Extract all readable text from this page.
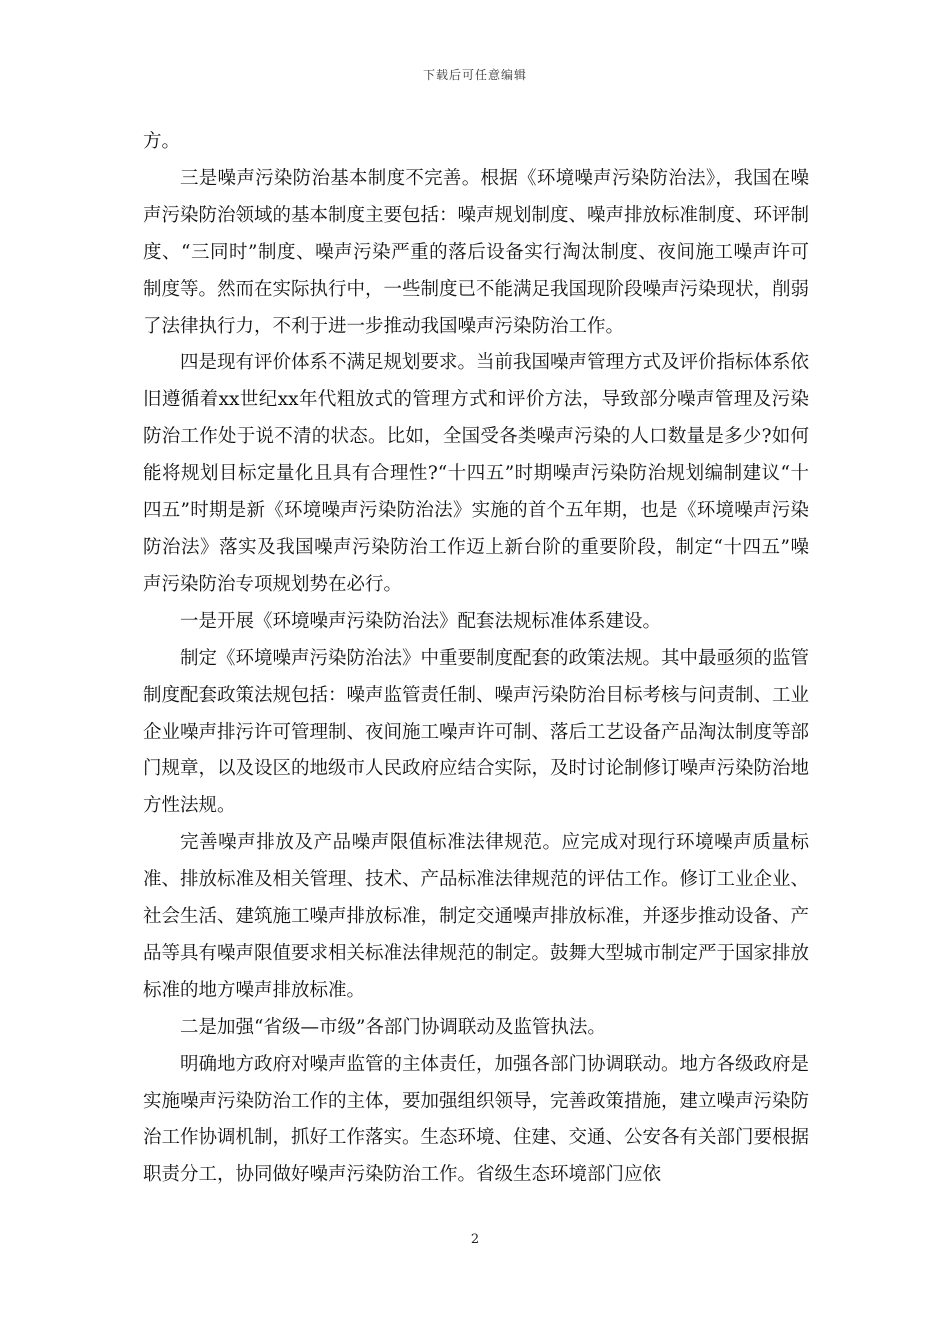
下载后可任意编辑

方。

三是噪声污染防治基本制度不完善。根据《环境噪声污染防治法》，我国在噪声污染防治领域的基本制度主要包括：噪声规划制度、噪声排放标准制度、环评制度、“三同时”制度、噪声污染严重的落后设备实行淘汰制度、夜间施工噪声许可制度等。然而在实际执行中，一些制度已不能满足我国现阶段噪声污染现状，削弱了法律执行力，不利于进一步推动我国噪声污染防治工作。

四是现有评价体系不满足规划要求。当前我国噪声管理方式及评价指标体系依旧遵循着xx世纪xx年代粗放式的管理方式和评价方法，导致部分噪声管理及污染防治工作处于说不清的状态。比如，全国受各类噪声污染的人口数量是多少?如何能将规划目标定量化且具有合理性?“十四五”时期噪声污染防治规划编制建议“十四五”时期是新《环境噪声污染防治法》实施的首个五年期，也是《环境噪声污染防治法》落实及我国噪声污染防治工作迈上新台阶的重要阶段，制定“十四五”噪声污染防治专项规划势在必行。

一是开展《环境噪声污染防治法》配套法规标准体系建设。

制定《环境噪声污染防治法》中重要制度配套的政策法规。其中最亟须的监管制度配套政策法规包括：噪声监管责任制、噪声污染防治目标考核与问责制、工业企业噪声排污许可管理制、夜间施工噪声许可制、落后工艺设备产品淘汰制度等部门规章，以及设区的地级市人民政府应结合实际，及时讨论制修订噪声污染防治地方性法规。

完善噪声排放及产品噪声限值标准法律规范。应完成对现行环境噪声质量标准、排放标准及相关管理、技术、产品标准法律规范的评估工作。修订工业企业、社会生活、建筑施工噪声排放标准，制定交通噪声排放标准，并逐步推动设备、产品等具有噪声限值要求相关标准法律规范的制定。鼓舞大型城市制定严于国家排放标准的地方噪声排放标准。

二是加强“省级—市级”各部门协调联动及监管执法。

明确地方政府对噪声监管的主体责任，加强各部门协调联动。地方各级政府是实施噪声污染防治工作的主体，要加强组织领导，完善政策措施，建立噪声污染防治工作协调机制，抓好工作落实。生态环境、住建、交通、公安各有关部门要根据职责分工，协同做好噪声污染防治工作。省级生态环境部门应依

2
